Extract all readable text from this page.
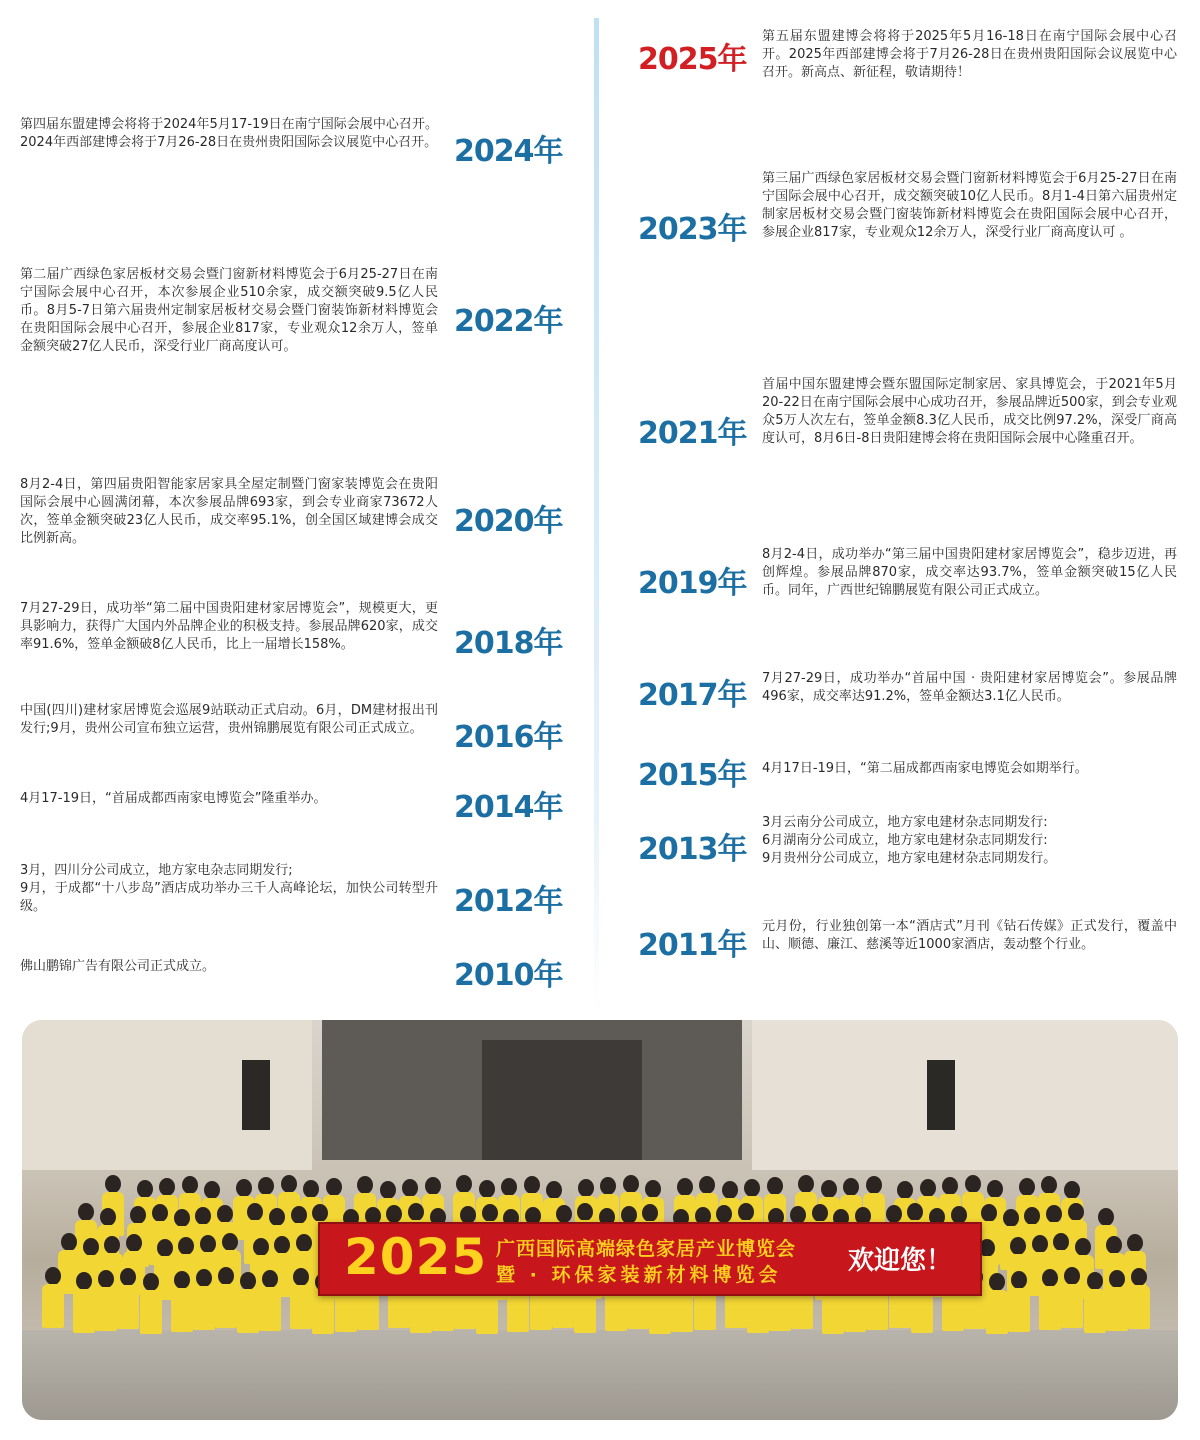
第四届东盟建博会将将于2024年5月17-19日在南宁国际会展中心召开。2024年西部建博会将于7月26-28日在贵州贵阳国际会议展览中心召开。 2024年
第二届广西绿色家居板材交易会暨门窗新材料博览会于6月25-27日在南宁国际会展中心召开，本次参展企业510余家，成交额突破9.5亿人民币。8月5-7日第六届贵州定制家居板材交易会暨门窗装饰新材料博览会在贵阳国际会展中心召开，参展企业817家，专业观众12余万人，签单金额突破27亿人民币，深受行业厂商高度认可。
2022年
8月2-4日，第四届贵阳智能家居家具全屋定制暨门窗家装博览会在贵阳国际会展中心圆满闭幕，本次参展品牌693家，到会专业商家73672人次，签单金额突破23亿人民币，成交率95.1%，创全国区域建博会成交比例新高。	2020年
7月27-29日，成功举“第二届中国贵阳建材家居博览会”，规模更大，更具影响力，获得广大国内外品牌企业的积极支持。参展品牌620家，成交率91.6%，签单金额破8亿人民币，比上一届增长158%。	2018年
中国(四川)建材家居博览会巡展9站联动正式启动。6月，DM建材报出刊发行;9月，贵州公司宣布独立运营，贵州锦鹏展览有限公司正式成立。	2016年
4月17-19日，“首届成都西南家电博览会”隆重举办。	2014年
3月，四川分公司成立，地方家电杂志同期发行;
9月，于成都“十八步岛”酒店成功举办三千人高峰论坛，加快公司转型升级。	2012年
佛山鹏锦广告有限公司正式成立。	2010年
2025年
第五届东盟建博会将将于2025年5月16-18日在南宁国际会展中心召开。2025年西部建博会将于7月26-28日在贵州贵阳国际会议展览中心召开。新高点、新征程，敬请期待！
2023年
第三届广西绿色家居板材交易会暨门窗新材料博览会于6月25-27日在南宁国际会展中心召开，成交额突破10亿人民币。8月1-4日第六届贵州定制家居板材交易会暨门窗装饰新材料博览会在贵阳国际会展中心召开，参展企业817家，专业观众12余万人，深受行业厂商高度认可 。
2021年
首届中国东盟建博会暨东盟国际定制家居、家具博览会，于2021年5月20-22日在南宁国际会展中心成功召开，参展品牌近500家，到会专业观众5万人次左右，签单金额8.3亿人民币，成交比例97.2%，深受厂商高度认可，8月6日-8日贵阳建博会将在贵阳国际会展中心隆重召开。
2019年
8月2-4日，成功举办“第三届中国贵阳建材家居博览会”，稳步迈进，再创辉煌。参展品牌870家，成交率达93.7%，签单金额突破15亿人民币。同年，广西世纪锦鹏展览有限公司正式成立。
2017年 7月27-29日，成功举办“首届中国 · 贵阳建材家居博览会”。参展品牌496家，成交率达91.2%，签单金额达3.1亿人民币。
2015年 4月17日-19日，“第二届成都西南家电博览会如期举行。
2013年
3月云南分公司成立，地方家电建材杂志同期发行:
6月湖南分公司成立，地方家电建材杂志同期发行:
9月贵州分公司成立，地方家电建材杂志同期发行。
2011年
元月份，行业独创第一本“酒店式”月刊《钻石传媒》正式发行，覆盖中山、顺德、廉江、慈溪等近1000家酒店，轰动整个行业。
2025 广西国际高端绿色家居产业博览会
暨 · 环保家装新材料博览会	欢迎您！
